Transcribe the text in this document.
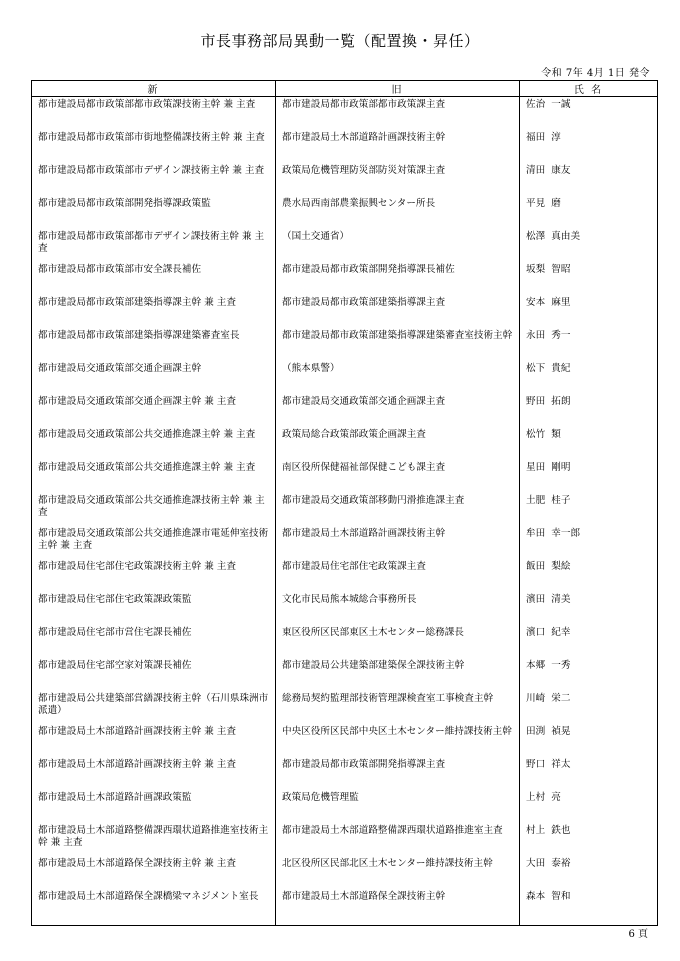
市長事務部局異動一覧（配置換・昇任）
令和 7年 4月 1日 発令
新	旧	氏 名
都市建設局都市政策部都市政策課技術主幹 兼 主査	都市建設局都市政策部都市政策課主査	佐治  一誠
都市建設局都市政策部市街地整備課技術主幹 兼 主査	都市建設局土木部道路計画課技術主幹	福田  淳
都市建設局都市政策部市デザイン課技術主幹 兼 主査	政策局危機管理防災部防災対策課主査	清田  康友
都市建設局都市政策部開発指導課政策監	農水局西南部農業振興センター所長	平見  磨
都市建設局都市政策部都市デザイン課技術主幹 兼 主査	（国土交通省）	松澤  真由美
都市建設局都市政策部市安全課長補佐	都市建設局都市政策部開発指導課長補佐	坂梨  智昭
都市建設局都市政策部建築指導課主幹 兼 主査	都市建設局都市政策部建築指導課主査	安本  麻里
都市建設局都市政策部建築指導課建築審査室長	都市建設局都市政策部建築指導課建築審査室技術主幹	永田  秀一
都市建設局交通政策部交通企画課主幹	（熊本県警）	松下  貴紀
都市建設局交通政策部交通企画課主幹 兼 主査	都市建設局交通政策部交通企画課主査	野田  拓朗
都市建設局交通政策部公共交通推進課主幹 兼 主査	政策局総合政策部政策企画課主査	松竹  類
都市建設局交通政策部公共交通推進課主幹 兼 主査	南区役所保健福祉部保健こども課主査	星田  剛明
都市建設局交通政策部公共交通推進課技術主幹 兼 主査	都市建設局交通政策部移動円滑推進課主査	土肥  桂子
都市建設局交通政策部公共交通推進課市電延伸室技術主幹 兼 主査	都市建設局土木部道路計画課技術主幹	牟田  幸一郎
都市建設局住宅部住宅政策課技術主幹 兼 主査	都市建設局住宅部住宅政策課主査	飯田  梨絵
都市建設局住宅部住宅政策課政策監	文化市民局熊本城総合事務所長	濱田  清美
都市建設局住宅部市営住宅課長補佐	東区役所区民部東区土木センター総務課長	濱口  紀幸
都市建設局住宅部空家対策課長補佐	都市建設局公共建築部建築保全課技術主幹	本郷  一秀
都市建設局公共建築部営繕課技術主幹（石川県珠洲市派遣）	総務局契約監理部技術管理課検査室工事検査主幹	川崎  栄二
都市建設局土木部道路計画課技術主幹 兼 主査	中央区役所区民部中央区土木センター維持課技術主幹	田渕  禎晃
都市建設局土木部道路計画課技術主幹 兼 主査	都市建設局都市政策部開発指導課主査	野口  祥太
都市建設局土木部道路計画課政策監	政策局危機管理監	上村  亮
都市建設局土木部道路整備課西環状道路推進室技術主幹 兼 主査	都市建設局土木部道路整備課西環状道路推進室主査	村上  鉄也
都市建設局土木部道路保全課技術主幹 兼 主査	北区役所区民部北区土木センター維持課技術主幹	大田  泰裕
都市建設局土木部道路保全課橋梁マネジメント室長	都市建設局土木部道路保全課技術主幹	森本  智和
6 頁
